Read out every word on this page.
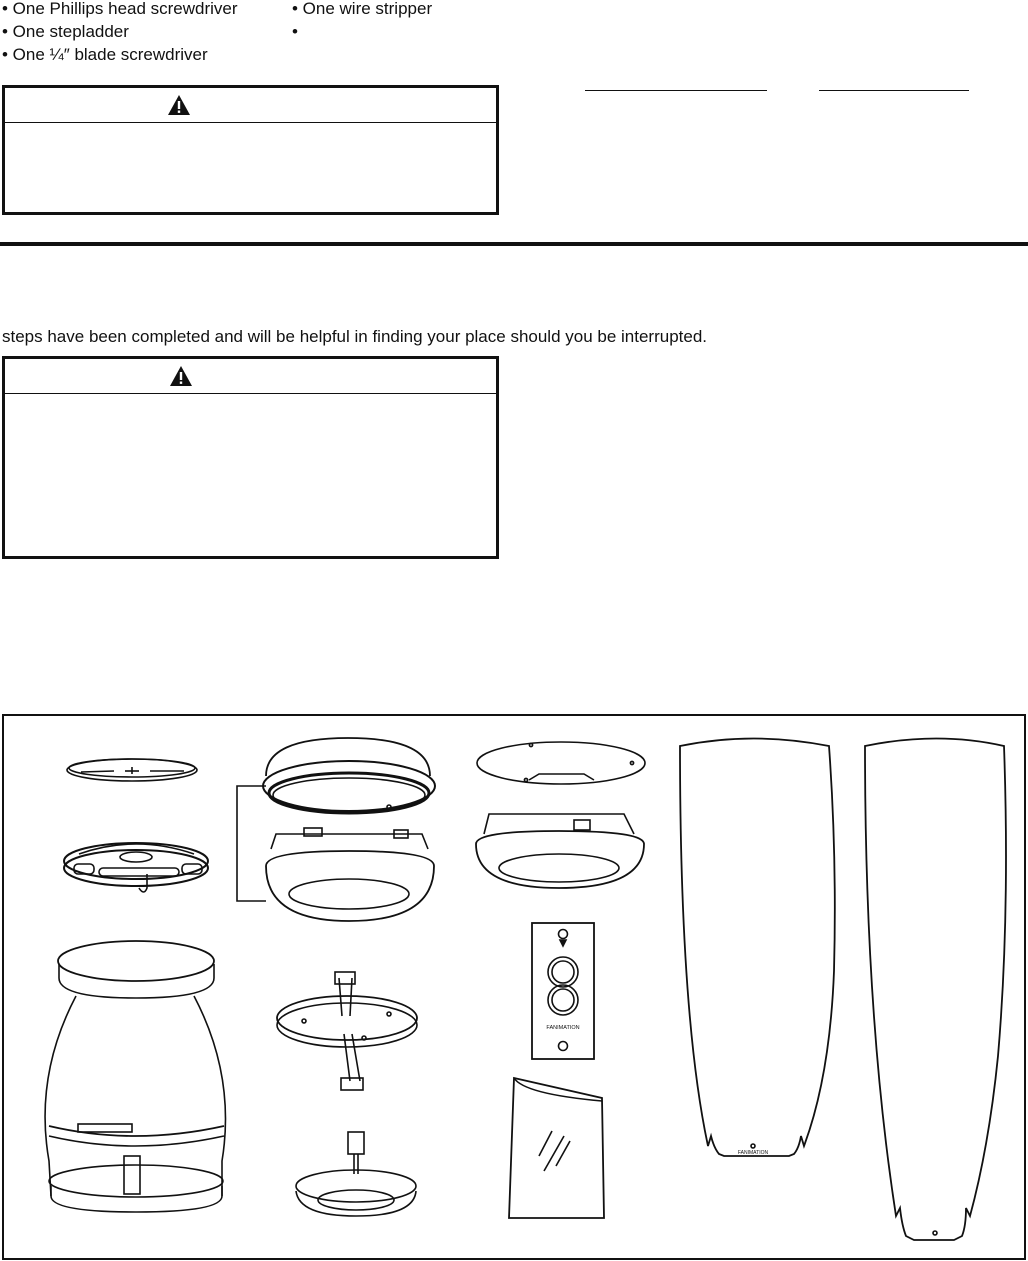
• One Phillips head screwdriver
• One stepladder
• One ¼″ blade screwdriver
• One wire stripper
•
steps have been completed and will be helpful in finding your place should you be interrupted.
FANIMATION
FANIMATION
